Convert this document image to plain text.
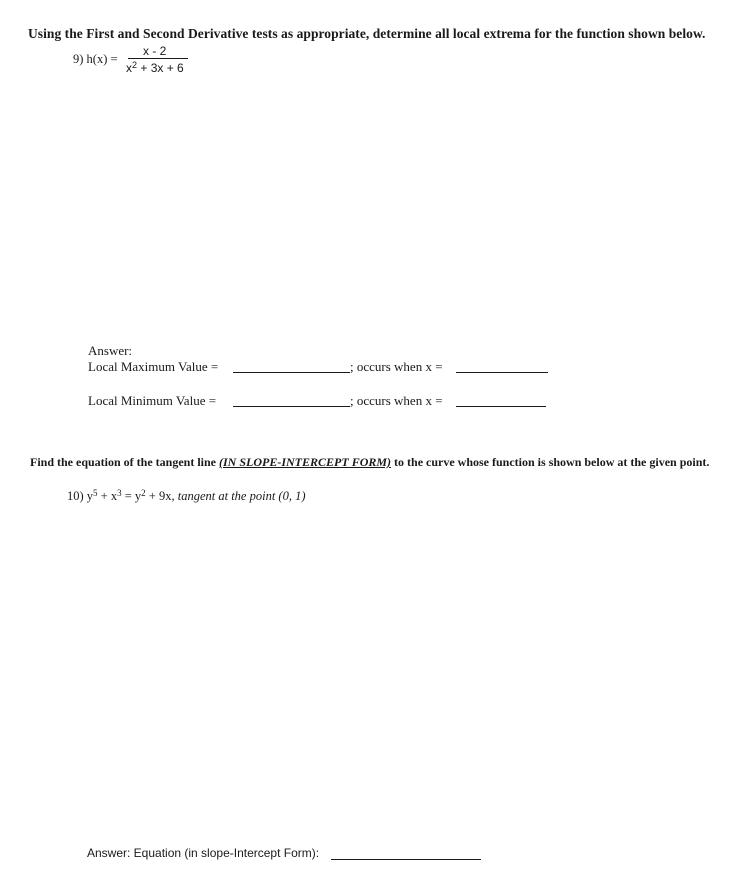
Using the First and Second Derivative tests as appropriate, determine all local extrema for the function shown below.
9) h(x) =
x - 2
$x^2 + 3x + 6$
Answer:
Local Maximum Value =	; occurs when x =
Local Minimum Value =	; occurs when x =
Find the equation of the tangent line (IN SLOPE-INTERCEPT FORM) to the curve whose function is shown below at the given point.
10) $y^5 + x^3 = y^2 + 9x$, tangent at the point (0, 1)
Answer: Equation (in slope-Intercept Form):
